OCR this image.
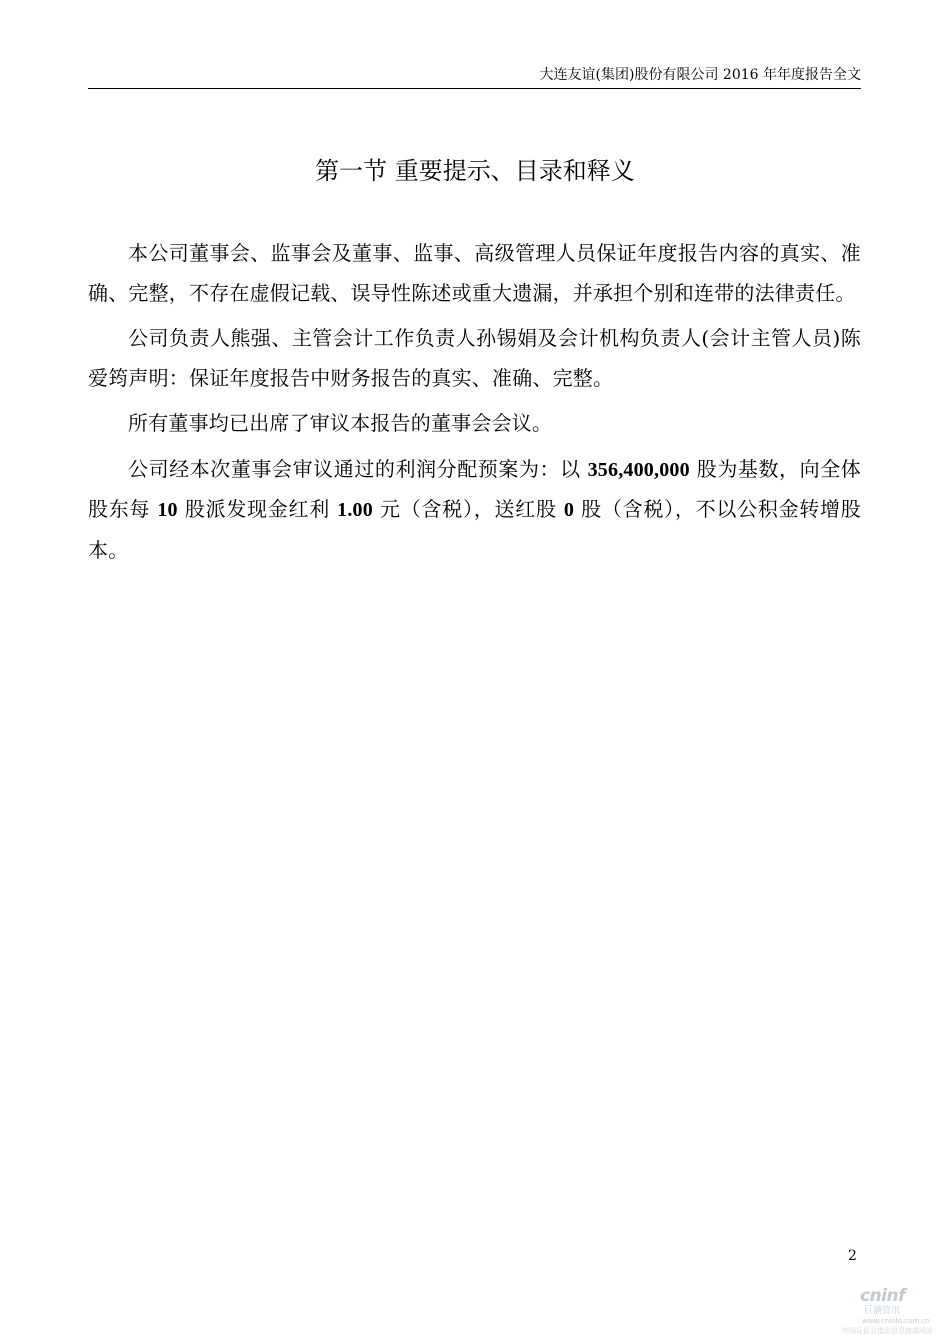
大连友谊(集团)股份有限公司 2016 年年度报告全文
第一节 重要提示、目录和释义

本公司董事会、监事会及董事、监事、高级管理人员保证年度报告内容的真实、准确、完整，不存在虚假记载、误导性陈述或重大遗漏，并承担个别和连带的法律责任。

公司负责人熊强、主管会计工作负责人孙锡娟及会计机构负责人(会计主管人员)陈爱筠声明：保证年度报告中财务报告的真实、准确、完整。

所有董事均已出席了审议本报告的董事会会议。

公司经本次董事会审议通过的利润分配预案为：以 356,400,000 股为基数，向全体股东每 10 股派发现金红利 1.00 元（含税），送红股 0 股（含税），不以公积金转增股本。

2
cninf
巨潮资讯
www.cninfo.com.cn
中国证监会指定信息披露网站
